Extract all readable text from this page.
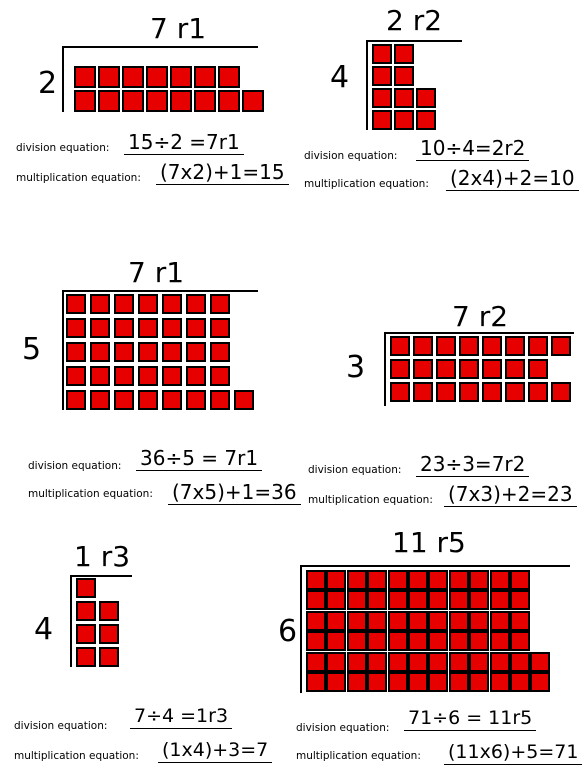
7 r1
2
division equation: 15÷2 =7r1
multiplication equation: (7x2)+1=15
2 r2
4
division equation: 10÷4=2r2
multiplication equation: (2x4)+2=10
7 r1
5
division equation: 36÷5 = 7r1
multiplication equation: (7x5)+1=36
7 r2
3
division equation: 23÷3=7r2
multiplication equation: (7x3)+2=23
1 r3
4
division equation: 7÷4 =1r3
multiplication equation: (1x4)+3=7
11 r5
6
division equation: 71÷6 = 11r5
multiplication equation: (11x6)+5=71
